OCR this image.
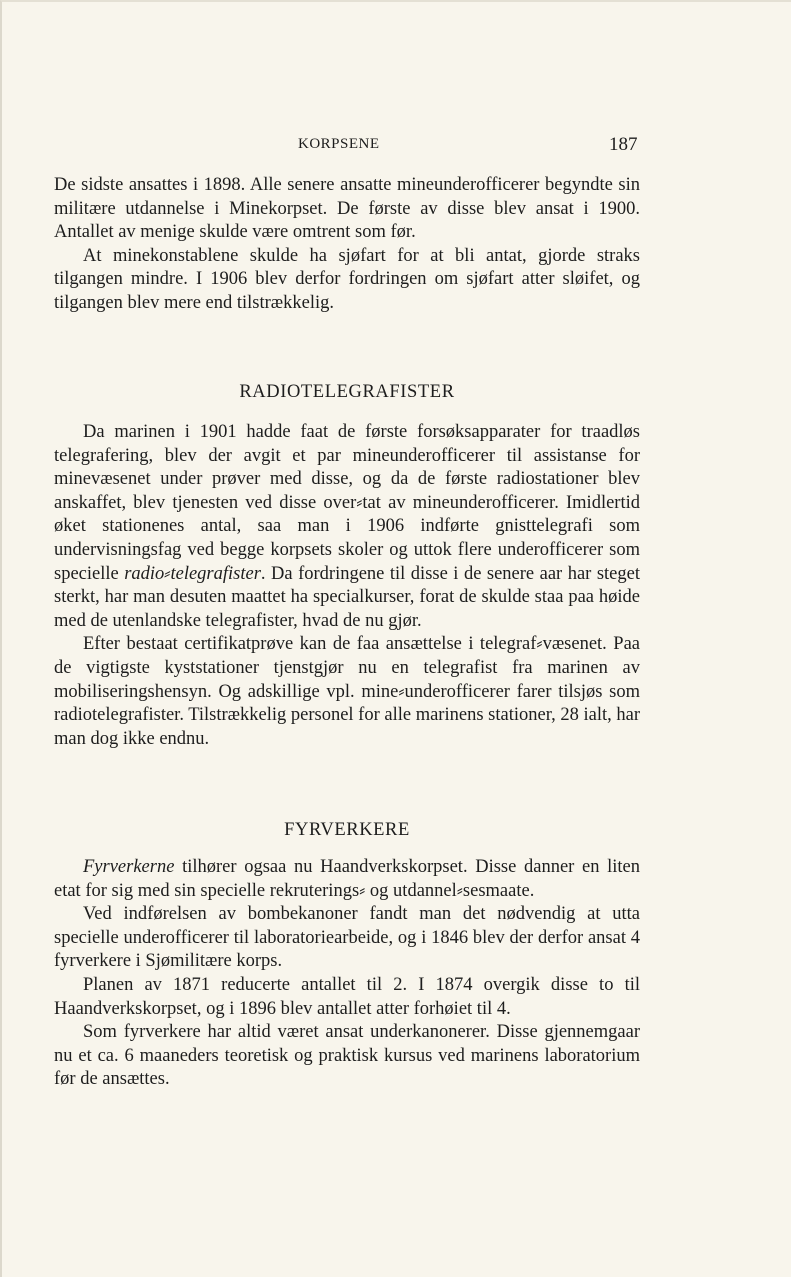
KORPSENE	187

De sidste ansattes i 1898. Alle senere ansatte mineunderofficerer begyndte sin militære utdannelse i Minekorpset. De første av disse blev ansat i 1900. Antallet av menige skulde være omtrent som før.

At minekonstablene skulde ha sjøfart for at bli antat, gjorde straks tilgangen mindre. I 1906 blev derfor fordringen om sjøfart atter sløifet, og tilgangen blev mere end tilstrækkelig.

RADIOTELEGRAFISTER

Da marinen i 1901 hadde faat de første forsøksapparater for traadløs telegrafering, blev der avgit et par mineunderofficerer til assistanse for minevæsenet under prøver med disse, og da de første radiostationer blev anskaffet, blev tjenesten ved disse over⸗tat av mineunderofficerer. Imidlertid øket stationenes antal, saa man i 1906 indførte gnisttelegrafi som undervisningsfag ved begge korpsets skoler og uttok flere underofficerer som specielle radio⸗telegrafister. Da fordringene til disse i de senere aar har steget sterkt, har man desuten maattet ha specialkurser, forat de skulde staa paa høide med de utenlandske telegrafister, hvad de nu gjør.

Efter bestaat certifikatprøve kan de faa ansættelse i telegraf⸗væsenet. Paa de vigtigste kyststationer tjenstgjør nu en telegrafist fra marinen av mobiliseringshensyn. Og adskillige vpl. mine⸗underofficerer farer tilsjøs som radiotelegrafister. Tilstrækkelig personel for alle marinens stationer, 28 ialt, har man dog ikke endnu.

FYRVERKERE

Fyrverkerne tilhører ogsaa nu Haandverkskorpset. Disse danner en liten etat for sig med sin specielle rekruterings⸗ og utdannel⸗sesmaate.

Ved indførelsen av bombekanoner fandt man det nødvendig at utta specielle underofficerer til laboratoriearbeide, og i 1846 blev der derfor ansat 4 fyrverkere i Sjømilitære korps.

Planen av 1871 reducerte antallet til 2. I 1874 overgik disse to til Haandverkskorpset, og i 1896 blev antallet atter forhøiet til 4.

Som fyrverkere har altid været ansat underkanonerer. Disse gjennemgaar nu et ca. 6 maaneders teoretisk og praktisk kursus ved marinens laboratorium før de ansættes.
